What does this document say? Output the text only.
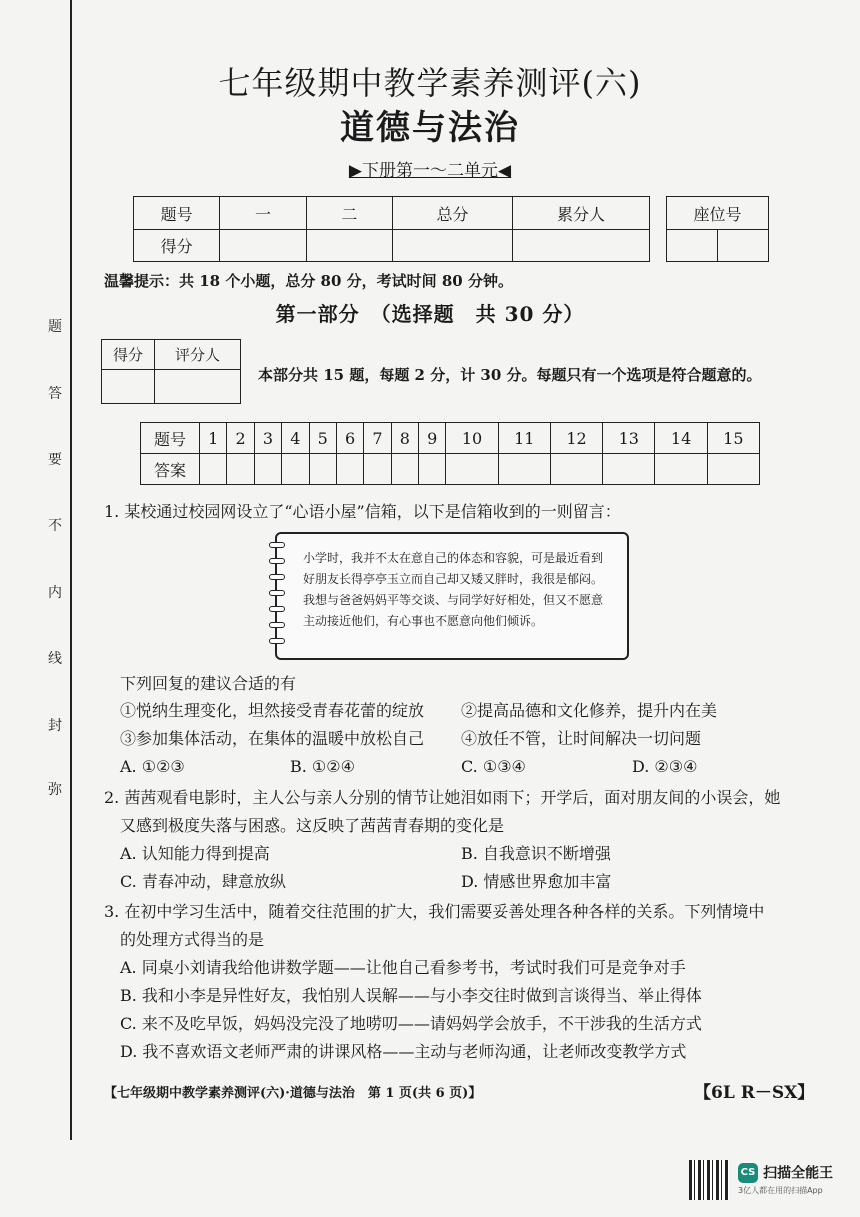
题
答
要
不
内
线
封
弥
七年级期中教学素养测评(六)
道德与法治
▶下册第一～二单元◀
题号	一	二	总分	累分人
得分				
座位号

温馨提示：共 18 个小题，总分 80 分，考试时间 80 分钟。
第一部分　（选择题　共 30 分）
得分	评分人

本部分共 15 题，每题 2 分，计 30 分。每题只有一个选项是符合题意的。
题号	1	2	3	4	5	6	7	8	9	10	11	12	13	14	15
答案															
1. 某校通过校园网设立了“心语小屋”信箱，以下是信箱收到的一则留言：
小学时，我并不太在意自己的体态和容貌，可是最近看到好朋友长得亭亭玉立而自己却又矮又胖时，我很是郁闷。我想与爸爸妈妈平等交谈、与同学好好相处，但又不愿意主动接近他们，有心事也不愿意向他们倾诉。
下列回复的建议合适的有
①悦纳生理变化，坦然接受青春花蕾的绽放 ②提高品德和文化修养，提升内在美
③参加集体活动，在集体的温暖中放松自己 ④放任不管，让时间解决一切问题
A. ①②③	B. ①②④	C. ①③④	D. ②③④
2. 茜茜观看电影时，主人公与亲人分别的情节让她泪如雨下；开学后，面对朋友间的小误会，她
又感到极度失落与困惑。这反映了茜茜青春期的变化是
A. 认知能力得到提高	B. 自我意识不断增强
C. 青春冲动，肆意放纵	D. 情感世界愈加丰富
3. 在初中学习生活中，随着交往范围的扩大，我们需要妥善处理各种各样的关系。下列情境中
的处理方式得当的是
A. 同桌小刘请我给他讲数学题——让他自己看参考书，考试时我们可是竞争对手
B. 我和小李是异性好友，我怕别人误解——与小李交往时做到言谈得当、举止得体
C. 来不及吃早饭，妈妈没完没了地唠叨——请妈妈学会放手，不干涉我的生活方式
D. 我不喜欢语文老师严肃的讲课风格——主动与老师沟通，让老师改变教学方式
【七年级期中教学素养测评(六)·道德与法治　第 1 页(共 6 页)】	【6L R－SX】
CS 扫描全能王
3亿人都在用的扫描App
